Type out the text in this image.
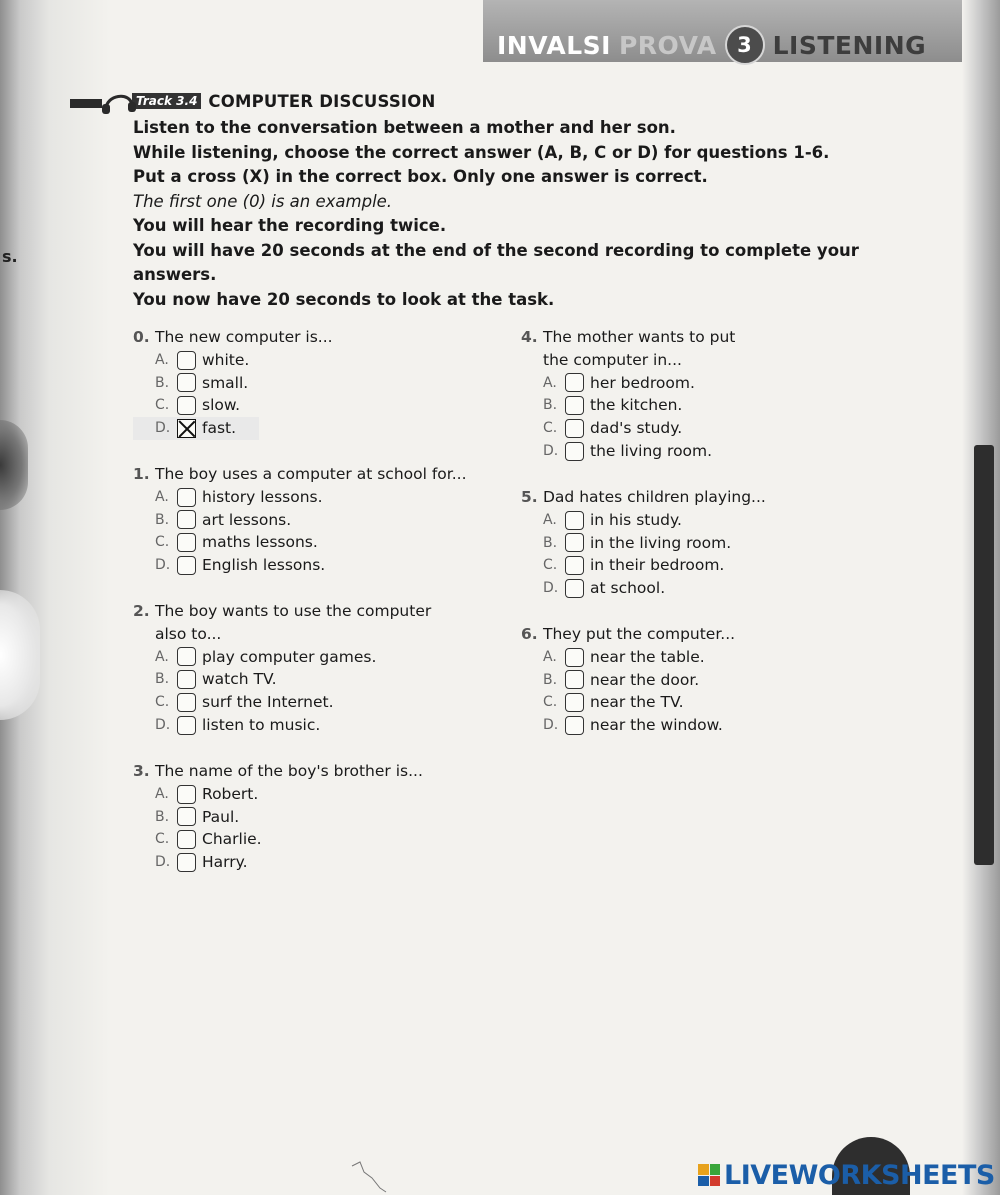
s.
INVALSI PROVA 3 LISTENING
Track 3.4 COMPUTER DISCUSSION
Listen to the conversation between a mother and her son.
While listening, choose the correct answer (A, B, C or D) for questions 1-6.
Put a cross (X) in the correct box. Only one answer is correct.
The first one (0) is an example.
You will hear the recording twice.
You will have 20 seconds at the end of the second recording to complete your answers.
You now have 20 seconds to look at the task.
0. The new computer is...
A.	white.
B.	small.
C.	slow.
D.	fast.
1. The boy uses a computer at school for...
A.	history lessons.
B.	art lessons.
C.	maths lessons.
D.	English lessons.
2. The boy wants to use the computer
also to...
A.	play computer games.
B.	watch TV.
C.	surf the Internet.
D.	listen to music.
3. The name of the boy's brother is...
A.	Robert.
B.	Paul.
C.	Charlie.
D.	Harry.
4. The mother wants to put
the computer in...
A.	her bedroom.
B.	the kitchen.
C.	dad's study.
D.	the living room.
5. Dad hates children playing...
A.	in his study.
B.	in the living room.
C.	in their bedroom.
D.	at school.
6. They put the computer...
A.	near the table.
B.	near the door.
C.	near the TV.
D.	near the window.
LIVEWORKSHEETS
